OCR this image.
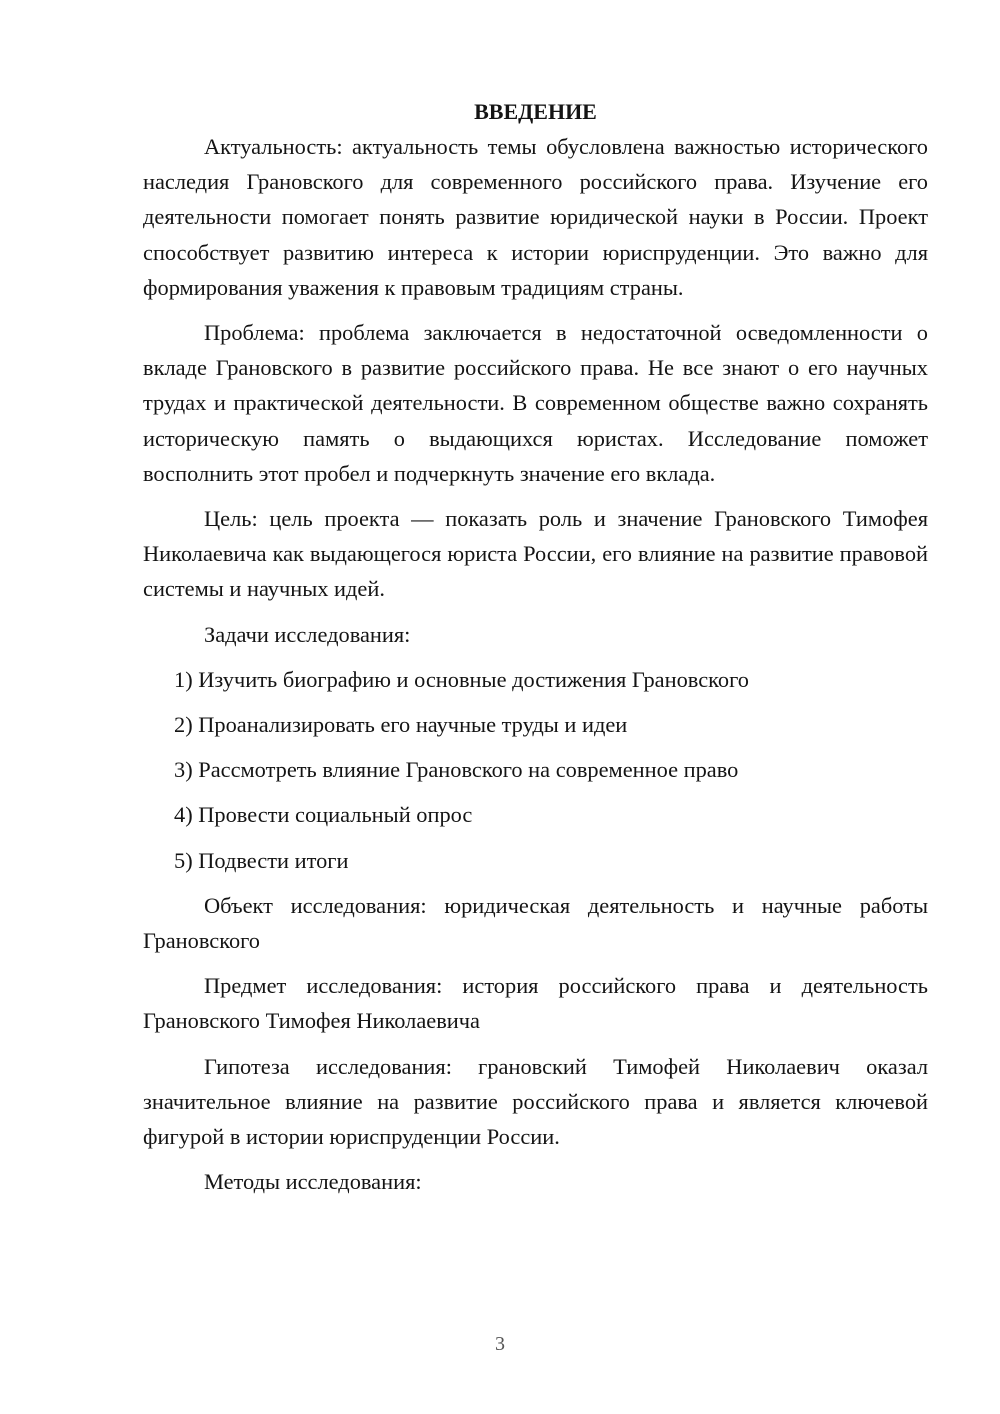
ВВЕДЕНИЕ

Актуальность: актуальность темы обусловлена важностью исторического наследия Грановского для современного российского права. Изучение его деятельности помогает понять развитие юридической науки в России. Проект способствует развитию интереса к истории юриспруденции. Это важно для формирования уважения к правовым традициям страны.

Проблема: проблема заключается в недостаточной осведомленности о вкладе Грановского в развитие российского права. Не все знают о его научных трудах и практической деятельности. В современном обществе важно сохранять историческую память о выдающихся юристах. Исследование поможет восполнить этот пробел и подчеркнуть значение его вклада.

Цель: цель проекта — показать роль и значение Грановского Тимофея Николаевича как выдающегося юриста России, его влияние на развитие правовой системы и научных идей.

Задачи исследования:

1) Изучить биографию и основные достижения Грановского
2) Проанализировать его научные труды и идеи
3) Рассмотреть влияние Грановского на современное право
4) Провести социальный опрос
5) Подвести итоги

Объект исследования: юридическая деятельность и научные работы Грановского

Предмет исследования: история российского права и деятельность Грановского Тимофея Николаевича

Гипотеза исследования: грановский Тимофей Николаевич оказал значительное влияние на развитие российского права и является ключевой фигурой в истории юриспруденции России.

Методы исследования:

3
